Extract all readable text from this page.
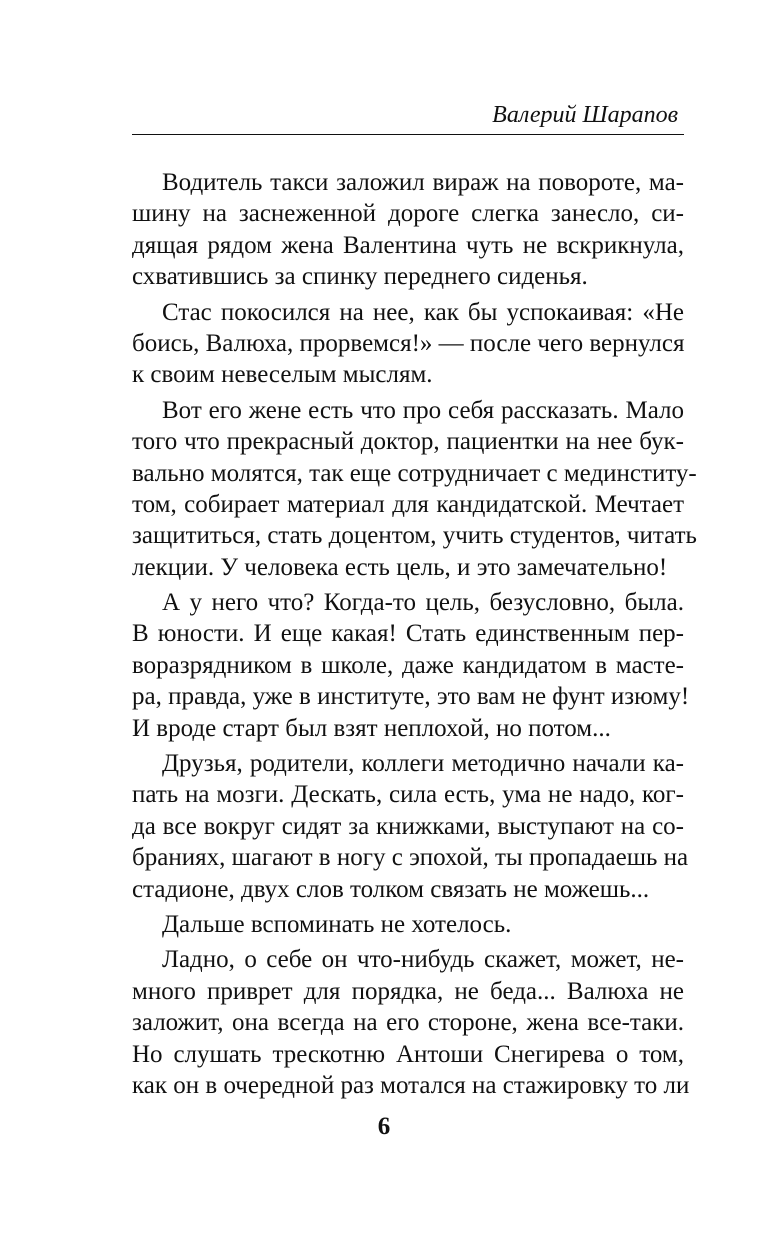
Валерий Шарапов
Водитель такси заложил вираж на повороте, ма-
шину на заснеженной дороге слегка занесло, си-
дящая рядом жена Валентина чуть не вскрикнула,
схватившись за спинку переднего сиденья.
Стас покосился на нее, как бы успокаивая: «Не
боись, Валюха, прорвемся!» — после чего вернулся
к своим невеселым мыслям.
Вот его жене есть что про себя рассказать. Мало
того что прекрасный доктор, пациентки на нее бук-
вально молятся, так еще сотрудничает с мединститу-
том, собирает материал для кандидатской. Мечтает
защититься, стать доцентом, учить студентов, читать
лекции. У человека есть цель, и это замечательно!
А у него что? Когда-то цель, безусловно, была.
В юности. И еще какая! Стать единственным пер-
воразрядником в школе, даже кандидатом в масте-
ра, правда, уже в институте, это вам не фунт изюму!
И вроде старт был взят неплохой, но потом...
Друзья, родители, коллеги методично начали ка-
пать на мозги. Дескать, сила есть, ума не надо, ког-
да все вокруг сидят за книжками, выступают на со-
браниях, шагают в ногу с эпохой, ты пропадаешь на
стадионе, двух слов толком связать не можешь...
Дальше вспоминать не хотелось.
Ладно, о себе он что-нибудь скажет, может, не-
много приврет для порядка, не беда... Валюха не
заложит, она всегда на его стороне, жена все-таки.
Но слушать трескотню Антоши Снегирева о том,
как он в очередной раз мотался на стажировку то ли
6
